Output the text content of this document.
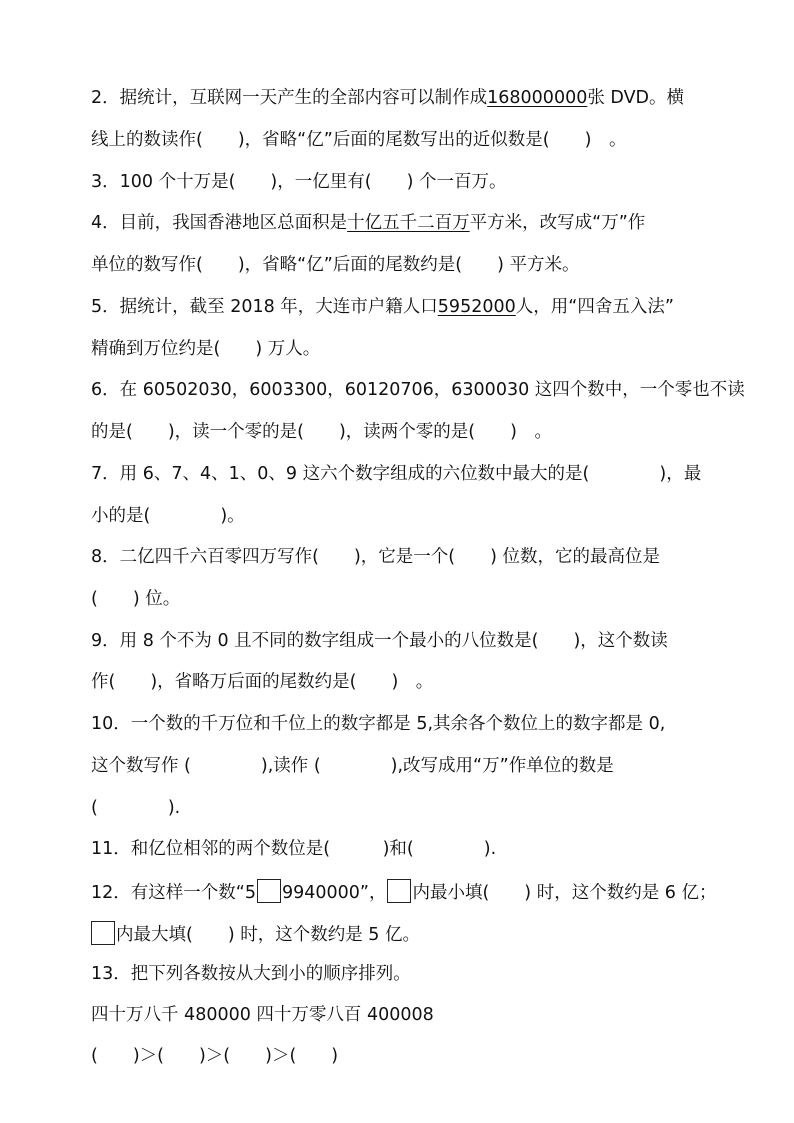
2．据统计，互联网一天产生的全部内容可以制作成168000000张 DVD。横
线上的数读作(　　)，省略“亿”后面的尾数写出的近似数是(　　)　。
3．100 个十万是(　　)，一亿里有(　　) 个一百万。
4．目前，我国香港地区总面积是十亿五千二百万平方米，改写成“万”作
单位的数写作(　　)，省略“亿”后面的尾数约是(　　) 平方米。
5．据统计，截至 2018 年，大连市户籍人口5952000人，用“四舍五入法”
精确到万位约是(　　) 万人。
6．在 60502030，6003300，60120706，6300030 这四个数中，一个零也不读
的是(　　)，读一个零的是(　　)，读两个零的是(　　)　。
7．用 6、7、4、1、0、9 这六个数字组成的六位数中最大的是(　　　　)，最
小的是(　　　　)。
8．二亿四千六百零四万写作(　　)，它是一个(　　) 位数，它的最高位是
(　　) 位。
9．用 8 个不为 0 且不同的数字组成一个最小的八位数是(　　)，这个数读
作(　　)，省略万后面的尾数约是(　　)　。
10．一个数的千万位和千位上的数字都是 5,其余各个数位上的数字都是 0,
这个数写作 (　　　　),读作 (　　　　),改写成用“万”作单位的数是
(　　　　).
11．和亿位相邻的两个数位是(　　　)和(　　　　).
12．有这样一个数“5 9940000”， 内最小填(　　) 时，这个数约是 6 亿；
内最大填(　　) 时，这个数约是 5 亿。
13．把下列各数按从大到小的顺序排列。
四十万八千 480000 四十万零八百 400008
(　　)＞(　　)＞(　　)＞(　　)
